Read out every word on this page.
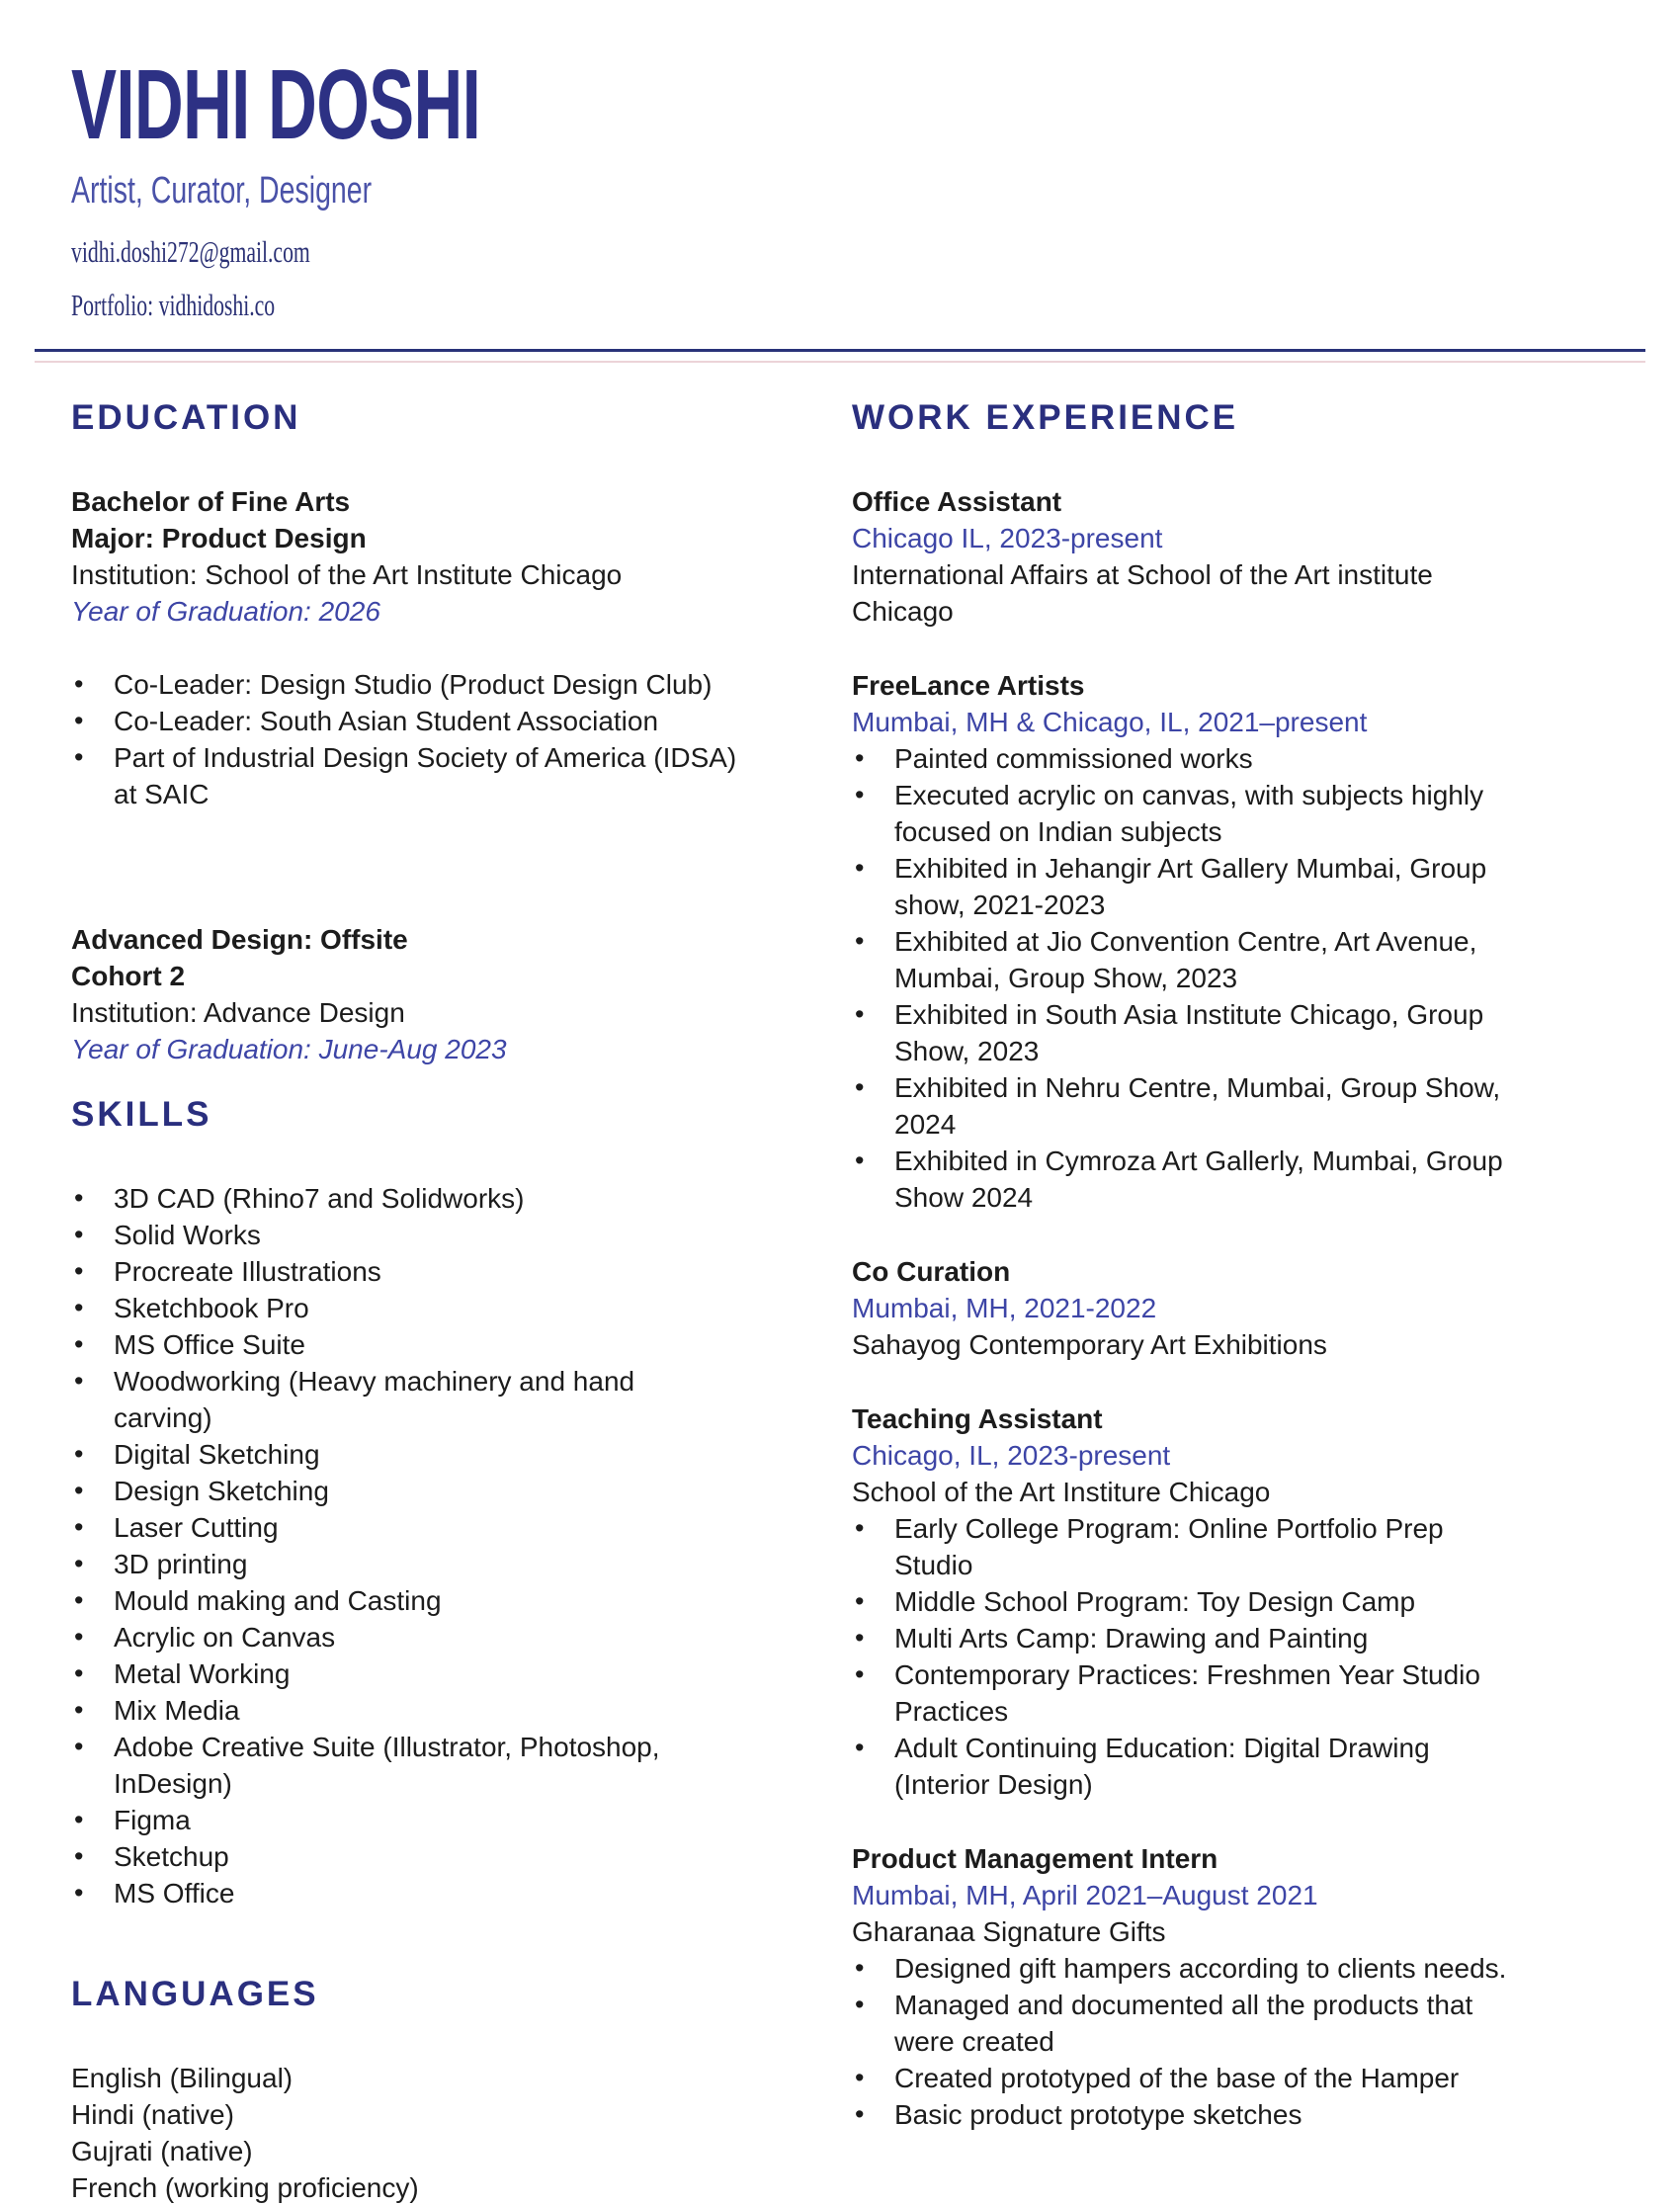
VIDHI DOSHI
Artist, Curator, Designer
vidhi.doshi272@gmail.com
Portfolio: vidhidoshi.co
EDUCATION
Bachelor of Fine Arts
Major: Product Design
Institution: School of the Art Institute Chicago
Year of Graduation: 2026
• Co-Leader: Design Studio (Product Design Club)
• Co-Leader: South Asian Student Association
• Part of Industrial Design Society of America (IDSA) at SAIC
Advanced Design: Offsite
Cohort 2
Institution: Advance Design
Year of Graduation: June-Aug 2023
SKILLS
• 3D CAD (Rhino7 and Solidworks)
• Solid Works
• Procreate Illustrations
• Sketchbook Pro
• MS Office Suite
• Woodworking (Heavy machinery and hand carving)
• Digital Sketching
• Design Sketching
• Laser Cutting
• 3D printing
• Mould making and Casting
• Acrylic on Canvas
• Metal Working
• Mix Media
• Adobe Creative Suite (Illustrator, Photoshop, InDesign)
• Figma
• Sketchup
• MS Office
LANGUAGES
English (Bilingual)
Hindi (native)
Gujrati (native)
French (working proficiency)
WORK EXPERIENCE
Office Assistant
Chicago IL, 2023-present
International Affairs at School of the Art institute Chicago
FreeLance Artists
Mumbai, MH & Chicago, IL, 2021–present
• Painted commissioned works
• Executed acrylic on canvas, with subjects highly focused on Indian subjects
• Exhibited in Jehangir Art Gallery Mumbai, Group show, 2021-2023
• Exhibited at Jio Convention Centre, Art Avenue, Mumbai, Group Show, 2023
• Exhibited in South Asia Institute Chicago, Group Show, 2023
• Exhibited in Nehru Centre, Mumbai, Group Show, 2024
• Exhibited in Cymroza Art Gallerly, Mumbai, Group Show 2024
Co Curation
Mumbai, MH, 2021-2022
Sahayog Contemporary Art Exhibitions
Teaching Assistant
Chicago, IL, 2023-present
School of the Art Institure Chicago
• Early College Program: Online Portfolio Prep Studio
• Middle School Program: Toy Design Camp
• Multi Arts Camp: Drawing and Painting
• Contemporary Practices: Freshmen Year Studio Practices
• Adult Continuing Education: Digital Drawing (Interior Design)
Product Management Intern
Mumbai, MH, April 2021–August 2021
Gharanaa Signature Gifts
• Designed gift hampers according to clients needs.
• Managed and documented all the products that were created
• Created prototyped of the base of the Hamper
• Basic product prototype sketches
